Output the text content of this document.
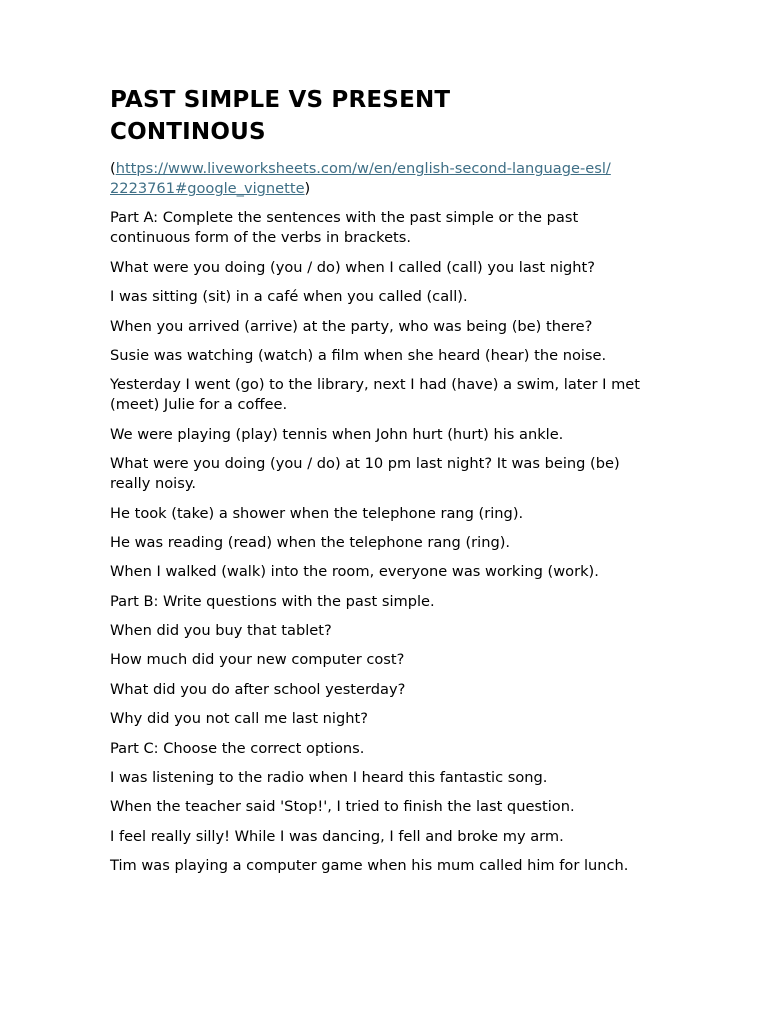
PAST SIMPLE VS PRESENT
CONTINOUS

(https://www.liveworksheets.com/w/en/english-second-language-esl/
2223761#google_vignette)

Part A: Complete the sentences with the past simple or the past continuous form of the verbs in brackets.

What were you doing (you / do) when I called (call) you last night?

I was sitting (sit) in a café when you called (call).

When you arrived (arrive) at the party, who was being (be) there?

Susie was watching (watch) a film when she heard (hear) the noise.

Yesterday I went (go) to the library, next I had (have) a swim, later I met (meet) Julie for a coffee.

We were playing (play) tennis when John hurt (hurt) his ankle.

What were you doing (you / do) at 10 pm last night? It was being (be) really noisy.

He took (take) a shower when the telephone rang (ring).

He was reading (read) when the telephone rang (ring).

When I walked (walk) into the room, everyone was working (work).

Part B: Write questions with the past simple.

When did you buy that tablet?

How much did your new computer cost?

What did you do after school yesterday?

Why did you not call me last night?

Part C: Choose the correct options.

I was listening to the radio when I heard this fantastic song.

When the teacher said 'Stop!', I tried to finish the last question.

I feel really silly! While I was dancing, I fell and broke my arm.

Tim was playing a computer game when his mum called him for lunch.
